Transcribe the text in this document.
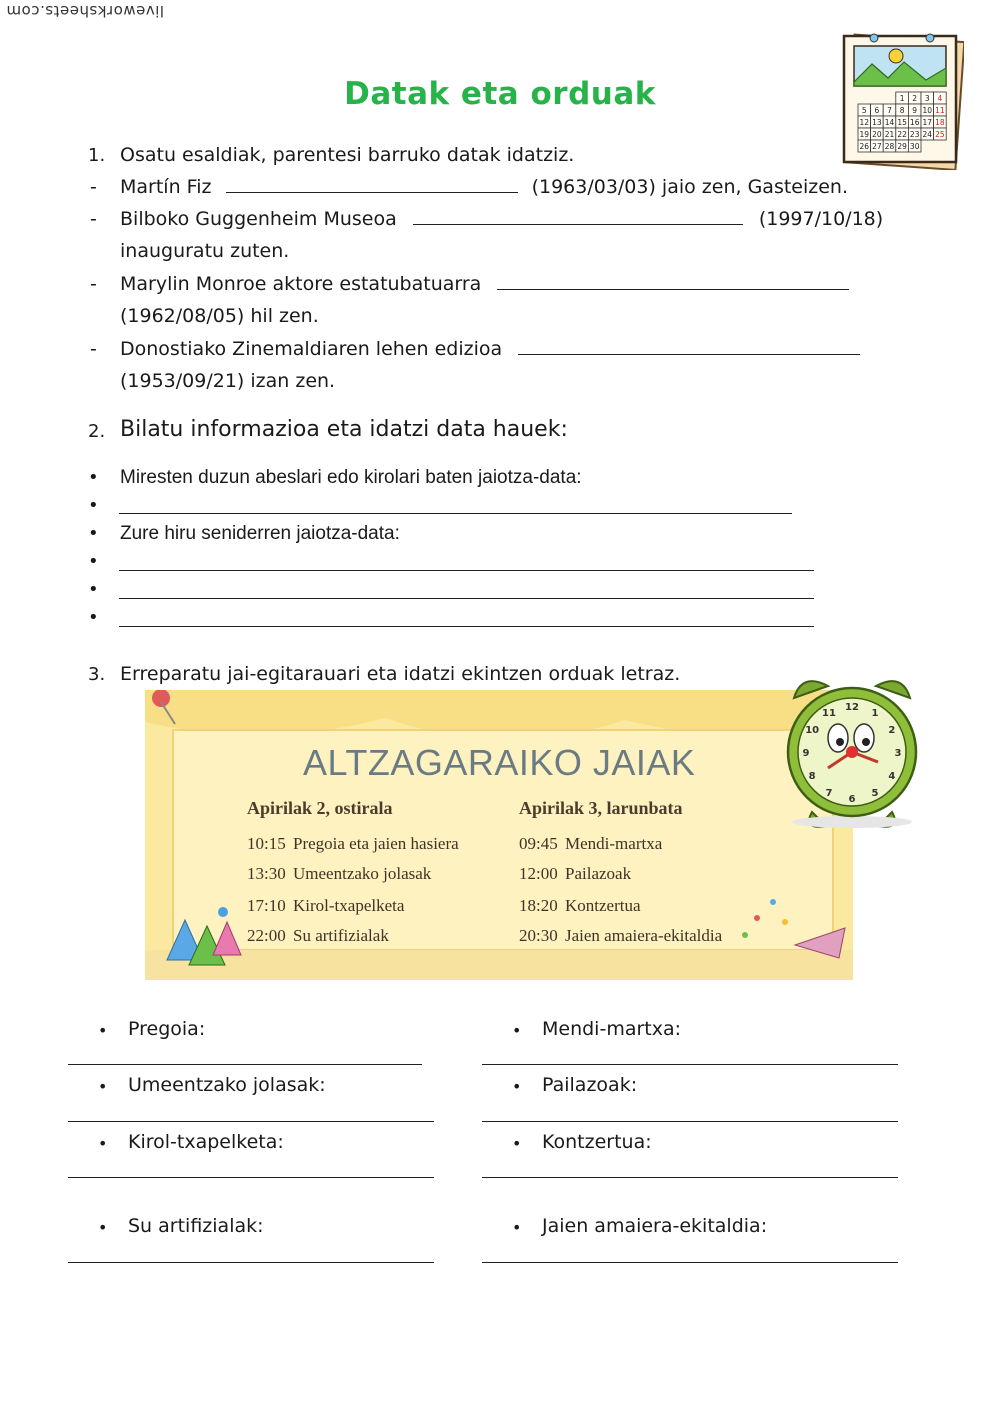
liveworksheets.com
1 2 3 4
5 6 7 8 9 10 11
12 13 14 15 16 17 18
19 20 21 22 23 24 25
26 27 28 29 30
Datak eta orduak
1. Osatu esaldiak, parentesi barruko datak idatziz.
- Martín Fiz	(1963/03/03) jaio zen, Gasteizen.
- Bilboko Guggenheim Museoa	(1997/10/18)
inauguratu zuten.
- Marylin Monroe aktore estatubatuarra
(1962/08/05) hil zen.
- Donostiako Zinemaldiaren lehen edizioa
(1953/09/21) izan zen.
2. Bilatu informazioa eta idatzi data hauek:
• Miresten duzun abeslari edo kirolari baten jaiotza-data:
•
• Zure hiru seniderren jaiotza-data:
•
•
•
3. Erreparatu jai-egitarauari eta idatzi ekintzen orduak letraz.
ALTZAGARAIKO JAIAK
Apirilak 2, ostirala
10:15 Pregoia eta jaien hasiera
13:30 Umeentzako jolasak
17:10 Kirol-txapelketa
22:00 Su artifizialak
Apirilak 3, larunbata
09:45 Mendi-martxa
12:00 Pailazoak
18:20 Kontzertua
20:30 Jaien amaiera-ekitaldia
12
1
2
3
4
5
6
7
8
9
10
11
• Pregoia:
• Umeentzako jolasak:
• Kirol-txapelketa:
• Su artifizialak:
• Mendi-martxa:
• Pailazoak:
• Kontzertua:
• Jaien amaiera-ekitaldia:
